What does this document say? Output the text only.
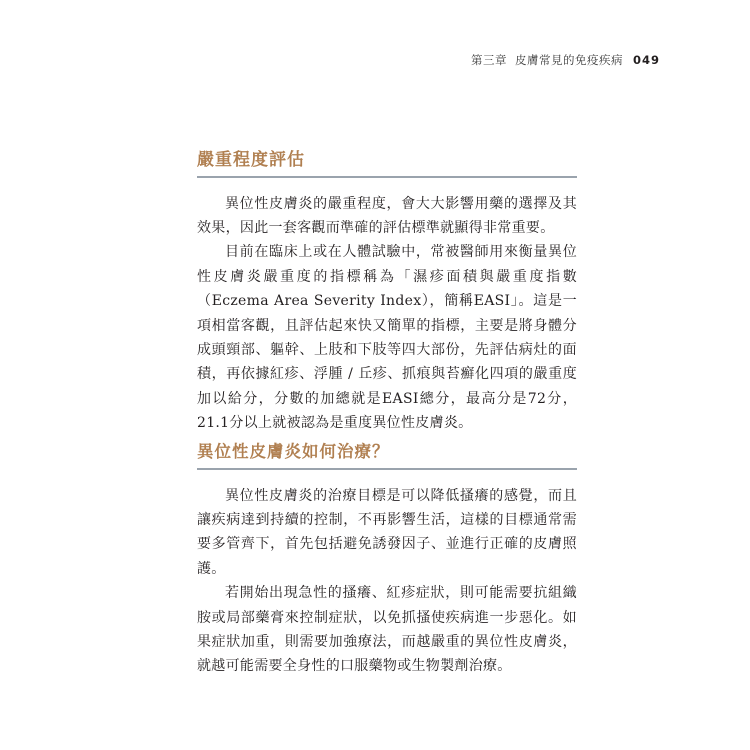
第三章 皮膚常見的免疫疾病 049
嚴重程度評估

異位性皮膚炎的嚴重程度，會大大影響用藥的選擇及其效果，因此一套客觀而準確的評估標準就顯得非常重要。

目前在臨床上或在人體試驗中，常被醫師用來衡量異位性皮膚炎嚴重度的指標稱為「濕疹面積與嚴重度指數（Eczema Area Severity Index），簡稱EASI」。這是一項相當客觀，且評估起來快又簡單的指標，主要是將身體分成頭頸部、軀幹、上肢和下肢等四大部份，先評估病灶的面積，再依據紅疹、浮腫 / 丘疹、抓痕與苔癬化四項的嚴重度加以給分，分數的加總就是EASI總分，最高分是72分，21.1分以上就被認為是重度異位性皮膚炎。

異位性皮膚炎如何治療？

異位性皮膚炎的治療目標是可以降低搔癢的感覺，而且讓疾病達到持續的控制，不再影響生活，這樣的目標通常需要多管齊下，首先包括避免誘發因子、並進行正確的皮膚照護。

若開始出現急性的搔癢、紅疹症狀，則可能需要抗組織胺或局部藥膏來控制症狀，以免抓搔使疾病進一步惡化。如果症狀加重，則需要加強療法，而越嚴重的異位性皮膚炎，就越可能需要全身性的口服藥物或生物製劑治療。
